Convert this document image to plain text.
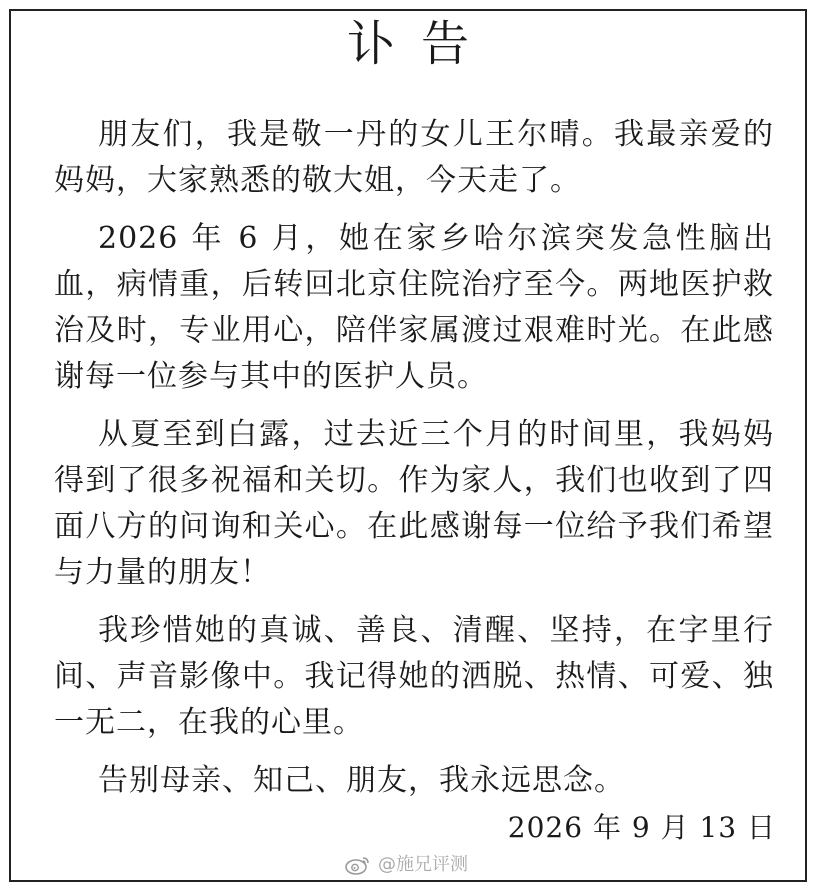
讣告

朋友们，我是敬一丹的女儿王尔晴。我最亲爱的妈妈，大家熟悉的敬大姐，今天走了。

2026 年 6 月，她在家乡哈尔滨突发急性脑出血，病情重，后转回北京住院治疗至今。两地医护救治及时，专业用心，陪伴家属渡过艰难时光。在此感谢每一位参与其中的医护人员。

从夏至到白露，过去近三个月的时间里，我妈妈得到了很多祝福和关切。作为家人，我们也收到了四面八方的问询和关心。在此感谢每一位给予我们希望与力量的朋友！

我珍惜她的真诚、善良、清醒、坚持，在字里行间、声音影像中。我记得她的洒脱、热情、可爱、独一无二，在我的心里。

告别母亲、知己、朋友，我永远思念。

2026 年 9 月 13 日
@施兄评测
